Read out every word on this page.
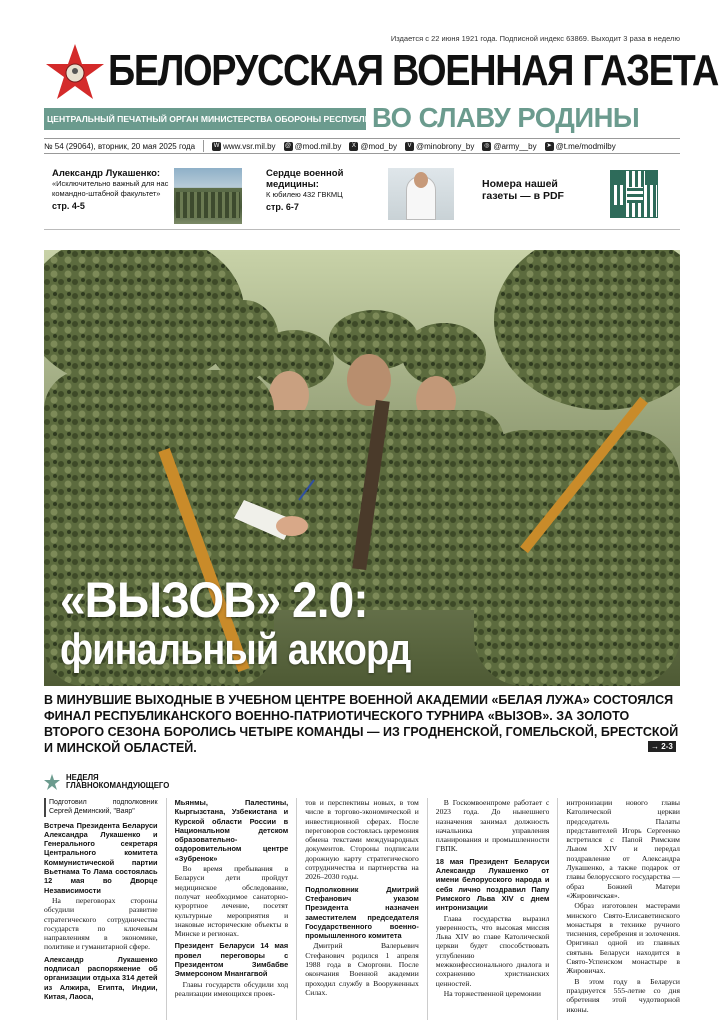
Издается с 22 июня 1921 года. Подписной индекс 63869. Выходит 3 раза в неделю
БЕЛОРУССКАЯ ВОЕННАЯ ГАЗЕТА
ЦЕНТРАЛЬНЫЙ ПЕЧАТНЫЙ ОРГАН МИНИСТЕРСТВА ОБОРОНЫ РЕСПУБЛИКИ БЕЛАРУСЬ
ВО СЛАВУ РОДИНЫ
№ 54 (29064), вторник, 20 мая 2025 года	W www.vsr.mil.by @ @mod.mil.by	X @mod_by	V @minobrony_by	◎ @army__by	➤ @t.me/modmilby
Александр Лукашенко:
«Исключительно важный для нас командно-штабной факультет»
стр. 4-5
Сердце военной медицины:
К юбилею 432 ГВКМЦ
стр. 6-7
Номера нашей газеты — в PDF
«ВЫЗОВ» 2.0:
финальный аккорд
В МИНУВШИЕ ВЫХОДНЫЕ В УЧЕБНОМ ЦЕНТРЕ ВОЕННОЙ АКАДЕМИИ «БЕЛАЯ ЛУЖА» СОСТОЯЛСЯ ФИНАЛ РЕСПУБЛИКАНСКОГО ВОЕННО-ПАТРИОТИЧЕСКОГО ТУРНИРА «ВЫЗОВ». ЗА ЗОЛОТО ВТОРОГО СЕЗОНА БОРОЛИСЬ ЧЕТЫРЕ КОМАНДЫ — ИЗ ГРОДНЕНСКОЙ, ГОМЕЛЬСКОЙ, БРЕСТСКОЙ И МИНСКОЙ ОБЛАСТЕЙ.	→ 2-3
НЕДЕЛЯ
ГЛАВНОКОМАНДУЮЩЕГО

Подготовил подполковник Сергей Деминский, "Ваяр"

Встреча Президента Беларуси Александра Лукашенко и Генерального секретаря Центрального комитета Коммунистической партии Вьетнама То Лама состоялась 12 мая во Дворце Независимости

На переговорах стороны обсудили развитие стратегического сотрудничества государств по ключевым направлениям в экономике, политике и гуманитарной сфере.

Александр Лукашенко подписал распоряжение об организации отдыха 314 детей из Алжира, Египта, Индии, Китая, Лаоса,

Мьянмы, Палестины, Кыргызстана, Узбекистана и Курской области России в Национальном детском образовательно-оздоровительном центре «Зубренок»

Во время пребывания в Беларуси дети пройдут медицинское обследование, получат необходимое санаторно-курортное лечение, посетят культурные мероприятия и знаковые исторические объекты в Минске и регионах.

Президент Беларуси 14 мая провел переговоры с Президентом Зимбабве Эммерсоном Мнангагвой

Главы государств обсудили ход реализации имеющихся проек-

тов и перспективы новых, в том числе в торгово-экономической и инвестиционной сферах. После переговоров состоялась церемония обмена текстами международных документов. Стороны подписали дорожную карту стратегического сотрудничества и партнерства на 2026–2030 годы.

Подполковник Дмитрий Стефанович указом Президента назначен заместителем председателя Государственного военно-промышленного комитета

Дмитрий Валерьевич Стефанович родился 1 апреля 1988 года в Сморгони. После окончания Военной академии проходил службу в Вооруженных Силах.

В Госкомвоенпроме работает с 2023 года. До нынешнего назначения занимал должность начальника управления планирования и промышленности ГВПК.

18 мая Президент Беларуси Александр Лукашенко от имени белорусского народа и себя лично поздравил Папу Римского Льва XIV с днем интронизации

Глава государства выразил уверенность, что высокая миссия Льва XIV во главе Католической церкви будет способствовать углублению межконфессионального диалога и сохранению христианских ценностей.

На торжественной церемонии

интронизации нового главы Католической церкви председатель Палаты представителей Игорь Сергеенко встретился с Папой Римским Львом XIV и передал поздравление от Александра Лукашенко, а также подарок от главы белорусского государства — образ Божией Матери «Жировичская».

Образ изготовлен мастерами минского Свято-Елисаветинского монастыря в технике ручного тиснения, серебрения и золочения. Оригинал одной из главных святынь Беларуси находится в Свято-Успенском монастыре в Жировичах.

В этом году в Беларуси празднуется 555-летие со дня обретения этой чудотворной иконы.
